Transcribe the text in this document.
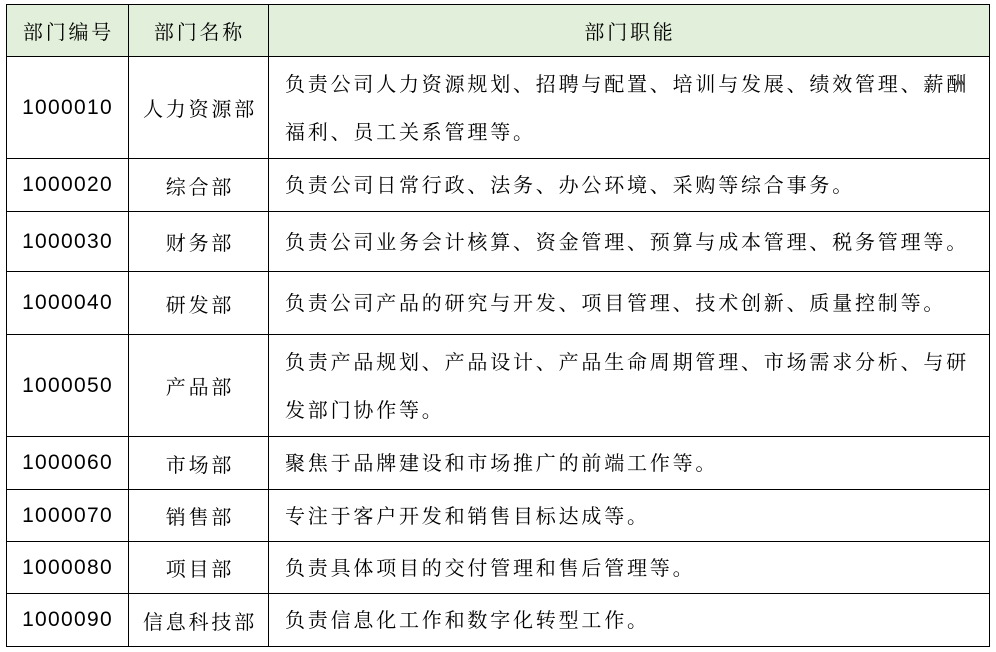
部门编号	部门名称	部门职能
1000010	人力资源部	负责公司人力资源规划、招聘与配置、培训与发展、绩效管理、薪酬福利、员工关系管理等。
1000020	综合部	负责公司日常行政、法务、办公环境、采购等综合事务。
1000030	财务部	负责公司业务会计核算、资金管理、预算与成本管理、税务管理等。
1000040	研发部	负责公司产品的研究与开发、项目管理、技术创新、质量控制等。
1000050	产品部	负责产品规划、产品设计、产品生命周期管理、市场需求分析、与研发部门协作等。
1000060	市场部	聚焦于品牌建设和市场推广的前端工作等。
1000070	销售部	专注于客户开发和销售目标达成等。
1000080	项目部	负责具体项目的交付管理和售后管理等。
1000090	信息科技部	负责信息化工作和数字化转型工作。
